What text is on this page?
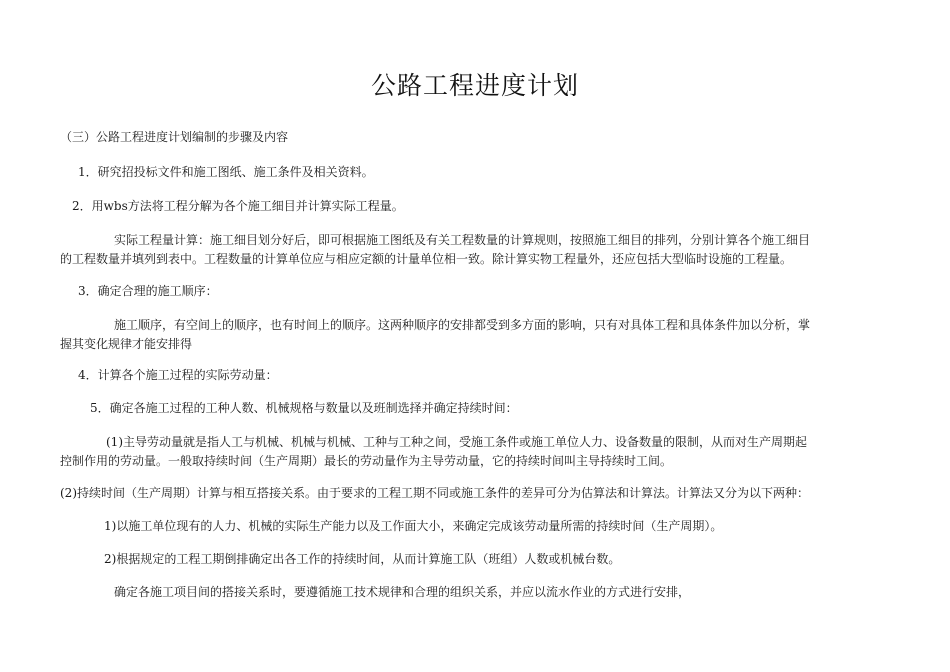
公路工程进度计划
（三）公路工程进度计划编制的步骤及内容
1．研究招投标文件和施工图纸、施工条件及相关资料。
2．用wbs方法将工程分解为各个施工细目并计算实际工程量。
实际工程量计算：施工细目划分好后，即可根据施工图纸及有关工程数量的计算规则，按照施工细目的排列，分别计算各个施工细目
的工程数量并填列到表中。工程数量的计算单位应与相应定额的计量单位相一致。除计算实物工程量外，还应包括大型临时设施的工程量。
3．确定合理的施工顺序：
施工顺序，有空间上的顺序，也有时间上的顺序。这两种顺序的安排都受到多方面的影响，只有对具体工程和具体条件加以分析，掌
握其变化规律才能安排得
4．计算各个施工过程的实际劳动量：
5．确定各施工过程的工种人数、机械规格与数量以及班制选择并确定持续时间：
(1)主导劳动量就是指人工与机械、机械与机械、工种与工种之间，受施工条件或施工单位人力、设备数量的限制，从而对生产周期起
控制作用的劳动量。一般取持续时间（生产周期）最长的劳动量作为主导劳动量，它的持续时间叫主导持续时工间。
(2)持续时间（生产周期）计算与相互搭接关系。由于要求的工程工期不同或施工条件的差异可分为估算法和计算法。计算法又分为以下两种：
1)以施工单位现有的人力、机械的实际生产能力以及工作面大小，来确定完成该劳动量所需的持续时间（生产周期）。
2)根据规定的工程工期倒排确定出各工作的持续时间，从而计算施工队（班组）人数或机械台数。
确定各施工项目间的搭接关系时，要遵循施工技术规律和合理的组织关系，并应以流水作业的方式进行安排，
